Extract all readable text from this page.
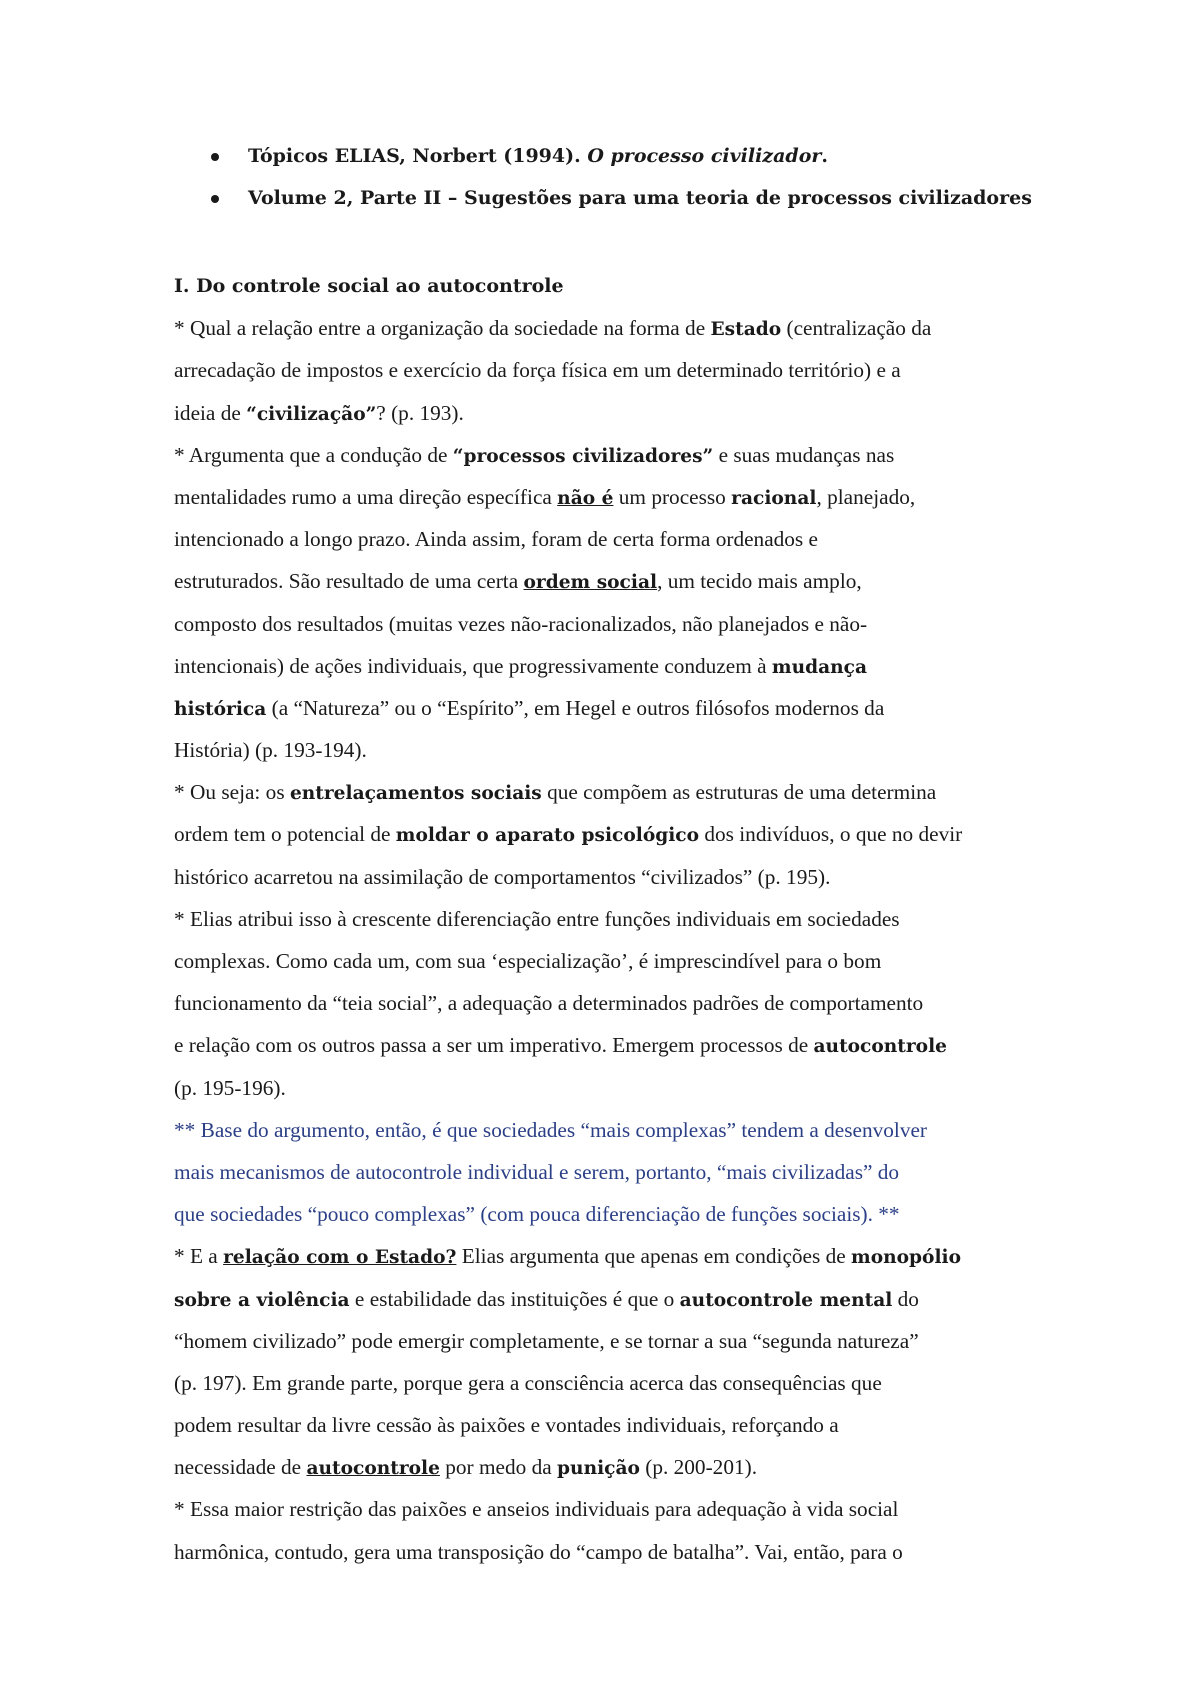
Tópicos ELIAS, Norbert (1994). O processo civilizador.
Volume 2, Parte II – Sugestões para uma teoria de processos civilizadores
I. Do controle social ao autocontrole
* Qual a relação entre a organização da sociedade na forma de Estado (centralização da
arrecadação de impostos e exercício da força física em um determinado território) e a
ideia de “civilização”? (p. 193).
* Argumenta que a condução de “processos civilizadores” e suas mudanças nas
mentalidades rumo a uma direção específica não é um processo racional, planejado,
intencionado a longo prazo. Ainda assim, foram de certa forma ordenados e
estruturados. São resultado de uma certa ordem social, um tecido mais amplo,
composto dos resultados (muitas vezes não-racionalizados, não planejados e não-
intencionais) de ações individuais, que progressivamente conduzem à mudança
histórica (a “Natureza” ou o “Espírito”, em Hegel e outros filósofos modernos da
História) (p. 193-194).
* Ou seja: os entrelaçamentos sociais que compõem as estruturas de uma determina
ordem tem o potencial de moldar o aparato psicológico dos indivíduos, o que no devir
histórico acarretou na assimilação de comportamentos “civilizados” (p. 195).
* Elias atribui isso à crescente diferenciação entre funções individuais em sociedades
complexas. Como cada um, com sua ‘especialização’, é imprescindível para o bom
funcionamento da “teia social”, a adequação a determinados padrões de comportamento
e relação com os outros passa a ser um imperativo. Emergem processos de autocontrole
(p. 195-196).
** Base do argumento, então, é que sociedades “mais complexas” tendem a desenvolver
mais mecanismos de autocontrole individual e serem, portanto, “mais civilizadas” do
que sociedades “pouco complexas” (com pouca diferenciação de funções sociais). **
* E a relação com o Estado? Elias argumenta que apenas em condições de monopólio
sobre a violência e estabilidade das instituições é que o autocontrole mental do
“homem civilizado” pode emergir completamente, e se tornar a sua “segunda natureza”
(p. 197). Em grande parte, porque gera a consciência acerca das consequências que
podem resultar da livre cessão às paixões e vontades individuais, reforçando a
necessidade de autocontrole por medo da punição (p. 200-201).
* Essa maior restrição das paixões e anseios individuais para adequação à vida social
harmônica, contudo, gera uma transposição do “campo de batalha”. Vai, então, para o
